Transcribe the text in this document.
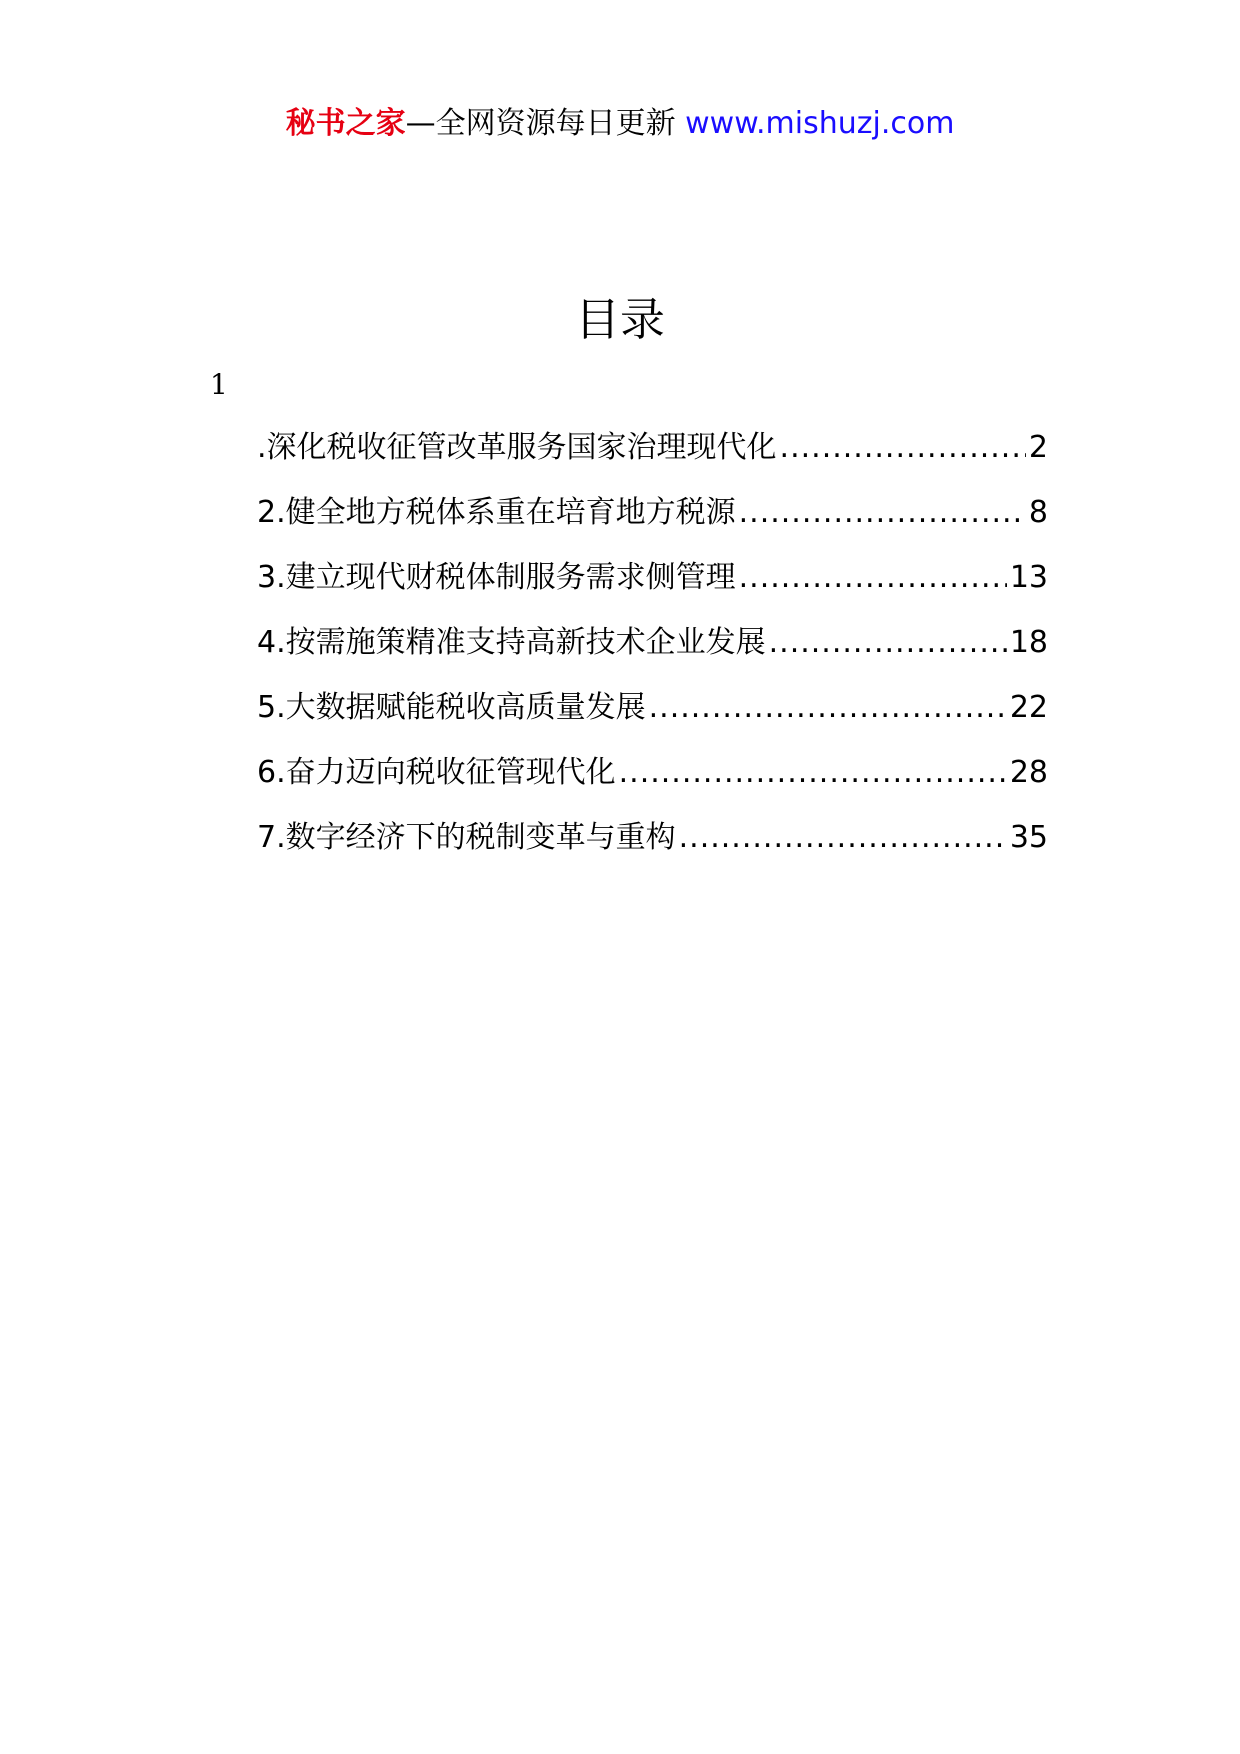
秘书之家—全网资源每日更新 www.mishuzj.com
目录
1
.深化税收征管改革服务国家治理现代化 .....	2
2.健全地方税体系重在培育地方税源 .....	8
3.建立现代财税体制服务需求侧管理 .....	13
4.按需施策精准支持高新技术企业发展 .....	18
5.大数据赋能税收高质量发展 .....	22
6.奋力迈向税收征管现代化 .....	28
7.数字经济下的税制变革与重构 .....	35
